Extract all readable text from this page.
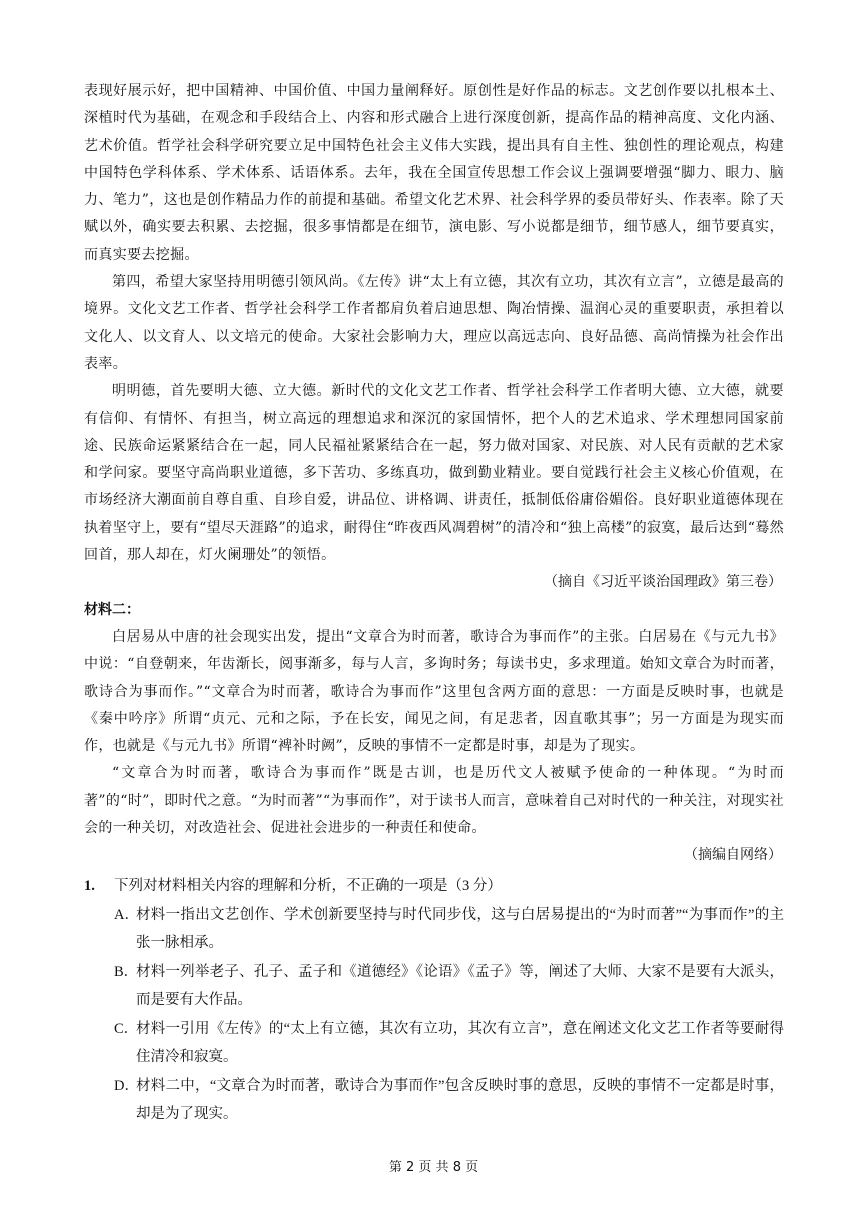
表现好展示好，把中国精神、中国价值、中国力量阐释好。原创性是好作品的标志。文艺创作要以扎根本土、深植时代为基础，在观念和手段结合上、内容和形式融合上进行深度创新，提高作品的精神高度、文化内涵、艺术价值。哲学社会科学研究要立足中国特色社会主义伟大实践，提出具有自主性、独创性的理论观点，构建中国特色学科体系、学术体系、话语体系。去年，我在全国宣传思想工作会议上强调要增强“脚力、眼力、脑力、笔力”，这也是创作精品力作的前提和基础。希望文化艺术界、社会科学界的委员带好头、作表率。除了天赋以外，确实要去积累、去挖掘，很多事情都是在细节，演电影、写小说都是细节，细节感人，细节要真实，而真实要去挖掘。

第四，希望大家坚持用明德引领风尚。《左传》讲“太上有立德，其次有立功，其次有立言”，立德是最高的境界。文化文艺工作者、哲学社会科学工作者都肩负着启迪思想、陶冶情操、温润心灵的重要职责，承担着以文化人、以文育人、以文培元的使命。大家社会影响力大，理应以高远志向、良好品德、高尚情操为社会作出表率。

明明德，首先要明大德、立大德。新时代的文化文艺工作者、哲学社会科学工作者明大德、立大德，就要有信仰、有情怀、有担当，树立高远的理想追求和深沉的家国情怀，把个人的艺术追求、学术理想同国家前途、民族命运紧紧结合在一起，同人民福祉紧紧结合在一起，努力做对国家、对民族、对人民有贡献的艺术家和学问家。要坚守高尚职业道德，多下苦功、多练真功，做到勤业精业。要自觉践行社会主义核心价值观，在市场经济大潮面前自尊自重、自珍自爱，讲品位、讲格调、讲责任，抵制低俗庸俗媚俗。良好职业道德体现在执着坚守上，要有“望尽天涯路”的追求，耐得住“昨夜西风凋碧树”的清冷和“独上高楼”的寂寞，最后达到“蓦然回首，那人却在，灯火阑珊处”的领悟。

（摘自《习近平谈治国理政》第三卷）

材料二：

白居易从中唐的社会现实出发，提出“文章合为时而著，歌诗合为事而作”的主张。白居易在《与元九书》中说：“自登朝来，年齿渐长，阅事渐多，每与人言，多询时务；每读书史，多求理道。始知文章合为时而著，歌诗合为事而作。”“文章合为时而著，歌诗合为事而作”这里包含两方面的意思：一方面是反映时事，也就是《秦中吟序》所谓“贞元、元和之际，予在长安，闻见之间，有足悲者，因直歌其事”；另一方面是为现实而作，也就是《与元九书》所谓“裨补时阙”，反映的事情不一定都是时事，却是为了现实。

“文章合为时而著，歌诗合为事而作”既是古训，也是历代文人被赋予使命的一种体现。“为时而著”的“时”，即时代之意。“为时而著”“为事而作”，对于读书人而言，意味着自己对时代的一种关注，对现实社会的一种关切，对改造社会、促进社会进步的一种责任和使命。

（摘编自网络）

1.	下列对材料相关内容的理解和分析，不正确的一项是（3 分）
A．
材料一指出文艺创作、学术创新要坚持与时代同步伐，这与白居易提出的“为时而著”“为事而作”的主张一脉相承。
B．
材料一列举老子、孔子、孟子和《道德经》《论语》《孟子》等，阐述了大师、大家不是要有大派头，而是要有大作品。
C．
材料一引用《左传》的“太上有立德，其次有立功，其次有立言”，意在阐述文化文艺工作者等要耐得住清冷和寂寞。
D．
材料二中，“文章合为时而著，歌诗合为事而作”包含反映时事的意思，反映的事情不一定都是时事，却是为了现实。
第 2 页 共 8 页
